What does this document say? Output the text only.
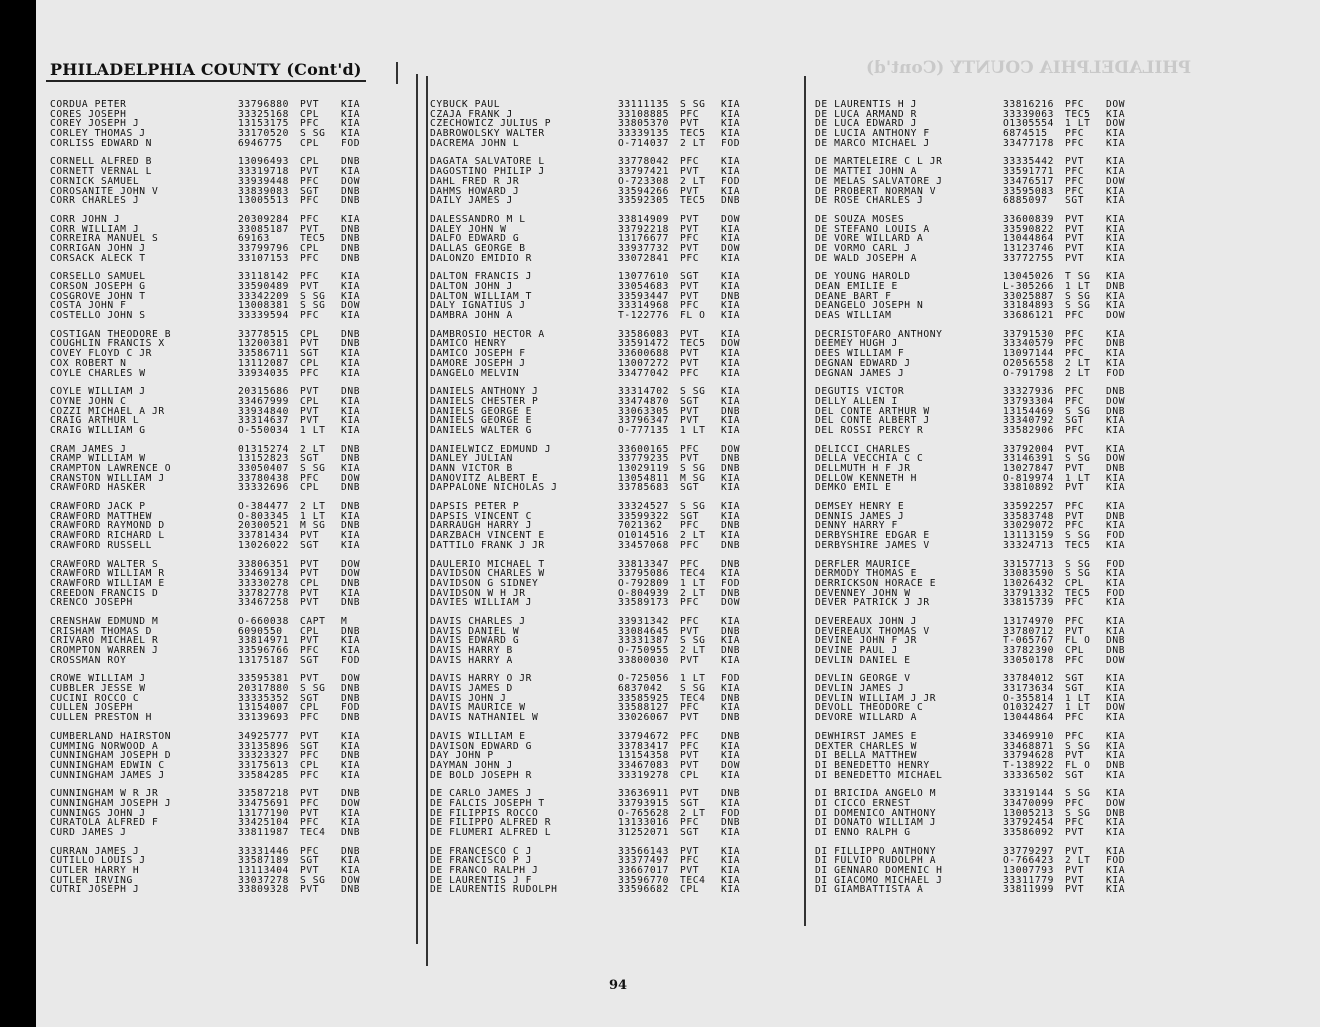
PHILADELPHIA COUNTY (Cont'd)
PHILADELPHIA COUNTY (Cont'd)
CORDUA PETER	33796880 PVT KIA
CORES JOSEPH	33325168 CPL KIA
COREY JOSEPH J	13153175 PFC KIA
CORLEY THOMAS J	33170520 S SG KIA
CORLISS EDWARD N	6946775 CPL FOD
CORNELL ALFRED B	13096493 CPL DNB
CORNETT VERNAL L	33319718 PVT KIA
CORNICK SAMUEL	33939448 PFC DOW
COROSANITE JOHN V	33839083 SGT DNB
CORR CHARLES J	13005513 PFC DNB
CORR JOHN J	20309284 PFC KIA
CORR WILLIAM J	33085187 PVT DNB
CORREIRA MANUEL S	69163	TEC5 DNB
CORRIGAN JOHN J	33799796 CPL DNB
CORSACK ALECK T	33107153 PFC DNB
CORSELLO SAMUEL	33118142 PFC KIA
CORSON JOSEPH G	33590489 PVT KIA
COSGROVE JOHN T	33342209 S SG KIA
COSTA JOHN F	13008381 S SG DOW
COSTELLO JOHN S	33339594 PFC KIA
COSTIGAN THEODORE B	33778515 CPL DNB
COUGHLIN FRANCIS X	13200381 PVT DNB
COVEY FLOYD C JR	33586711 SGT KIA
COX ROBERT N	13112087 CPL KIA
COYLE CHARLES W	33934035 PFC KIA
COYLE WILLIAM J	20315686 PVT DNB
COYNE JOHN C	33467999 CPL KIA
COZZI MICHAEL A JR	33934840 PVT KIA
CRAIG ARTHUR L	33314637 PVT KIA
CRAIG WILLIAM G	O-550034 1 LT KIA
CRAM JAMES J	01315274 2 LT DNB
CRAMP WILLIAM W	13152823 SGT DNB
CRAMPTON LAWRENCE O	33050407 S SG KIA
CRANSTON WILLIAM J	33780438 PFC DOW
CRAWFORD HASKER	33332696 CPL DNB
CRAWFORD JACK P	O-384477 2 LT DNB
CRAWFORD MATTHEW	O-803345 1 LT KIA
CRAWFORD RAYMOND D	20300521 M SG DNB
CRAWFORD RICHARD L	33781434 PVT KIA
CRAWFORD RUSSELL	13026022 SGT KIA
CRAWFORD WALTER S	33806351 PVT DOW
CRAWFORD WILLIAM R	33469134 PVT DOW
CRAWFORD WILLIAM E	33330278 CPL DNB
CREEDON FRANCIS D	33782778 PVT KIA
CRENCO JOSEPH	33467258 PVT DNB
CRENSHAW EDMUND M	O-660038 CAPT M
CRISHAM THOMAS D	6090550 CPL DNB
CRIVARO MICHAEL R	33814971 PVT KIA
CROMPTON WARREN J	33596766 PFC KIA
CROSSMAN ROY	13175187 SGT FOD
CROWE WILLIAM J	33595381 PVT DOW
CUBBLER JESSE W	20317880 S SG DNB
CUCINI ROCCO C	33335352 SGT DNB
CULLEN JOSEPH	13154007 CPL FOD
CULLEN PRESTON H	33139693 PFC DNB
CUMBERLAND HAIRSTON	34925777 PVT KIA
CUMMING NORWOOD A	33135896 SGT KIA
CUNNINGHAM JOSEPH D	33323327 PFC DNB
CUNNINGHAM EDWIN C	33175613 CPL KIA
CUNNINGHAM JAMES J	33584285 PFC KIA
CUNNINGHAM W R JR	33587218 PVT DNB
CUNNINGHAM JOSEPH J	33475691 PFC DOW
CUNNINGS JOHN J	13177190 PVT KIA
CURATOLA ALFRED F	33425104 PFC KIA
CURD JAMES J	33811987 TEC4 DNB
CURRAN JAMES J	33331446 PFC DNB
CUTILLO LOUIS J	33587189 SGT KIA
CUTLER HARRY H	13113404 PVT KIA
CUTLER IRVING	33037278 S SG DOW
CUTRI JOSEPH J	33809328 PVT DNB
CYBUCK PAUL	33111135 S SG KIA
CZAJA FRANK J	33108885 PFC KIA
CZECHOWICZ JULIUS P	33805370 PVT KIA
DABROWOLSKY WALTER	33339135 TEC5 KIA
DACREMA JOHN L	O-714037 2 LT FOD
DAGATA SALVATORE L	33778042 PFC KIA
DAGOSTINO PHILIP J	33797421 PVT KIA
DAHL FRED R JR	O-723308 2 LT FOD
DAHMS HOWARD J	33594266 PVT KIA
DAILY JAMES J	33592305 TEC5 DNB
DALESSANDRO M L	33814909 PVT DOW
DALEY JOHN W	33792218 PVT KIA
DALFO EDWARD G	13176677 PFC KIA
DALLAS GEORGE B	33937732 PVT DOW
DALONZO EMIDIO R	33072841 PFC KIA
DALTON FRANCIS J	13077610 SGT KIA
DALTON JOHN J	33054683 PVT KIA
DALTON WILLIAM T	33593447 PVT DNB
DALY IGNATIUS J	33314968 PFC KIA
DAMBRA JOHN A	T-122776 FL O KIA
DAMBROSIO HECTOR A	33586083 PVT KIA
DAMICO HENRY	33591472 TEC5 DOW
DAMICO JOSEPH F	33600688 PVT KIA
DAMORE JOSEPH J	13007272 PVT KIA
DANGELO MELVIN	33477042 PFC KIA
DANIELS ANTHONY J	33314702 S SG KIA
DANIELS CHESTER P	33474870 SGT KIA
DANIELS GEORGE E	33063305 PVT DNB
DANIELS GEORGE E	33796347 PVT KIA
DANIELS WALTER G	O-777135 1 LT KIA
DANIELWICZ EDMUND J	33600165 PFC DOW
DANLEY JULIAN	33779235 PVT DNB
DANN VICTOR B	13029119 S SG DNB
DANOVITZ ALBERT E	13054811 M SG KIA
DAPPALONE NICHOLAS J	33785683 SGT KIA
DAPSIS PETER P	33324527 S SG KIA
DAPSIS VINCENT C	33599322 SGT KIA
DARRAUGH HARRY J	7021362 PFC DNB
DARZBACH VINCENT E	O1014516 2 LT KIA
DATTILO FRANK J JR	33457068 PFC DNB
DAULERIO MICHAEL T	33813347 PFC DNB
DAVIDSON CHARLES W	33795086 TEC4 KIA
DAVIDSON G SIDNEY	O-792809 1 LT FOD
DAVIDSON W H JR	O-804939 2 LT DNB
DAVIES WILLIAM J	33589173 PFC DOW
DAVIS CHARLES J	33931342 PFC KIA
DAVIS DANIEL W	33084645 PVT DNB
DAVIS EDWARD G	33331387 S SG KIA
DAVIS HARRY B	O-750955 2 LT DNB
DAVIS HARRY A	33800030 PVT KIA
DAVIS HARRY O JR	O-725056 1 LT FOD
DAVIS JAMES D	6837042 S SG KIA
DAVIS JOHN J	33585925 TEC4 DNB
DAVIS MAURICE W	33588127 PFC KIA
DAVIS NATHANIEL W	33026067 PVT DNB
DAVIS WILLIAM E	33794672 PFC DNB
DAVISON EDWARD G	33783417 PFC KIA
DAY JOHN P	13154358 PVT KIA
DAYMAN JOHN J	33467083 PVT DOW
DE BOLD JOSEPH R	33319278 CPL KIA
DE CARLO JAMES J	33636911 PVT DNB
DE FALCIS JOSEPH T	33793915 SGT KIA
DE FILIPPIS ROCCO	O-765628 2 LT FOD
DE FILIPPO ALFRED R	13133016 PFC DNB
DE FLUMERI ALFRED L	31252071 SGT KIA
DE FRANCESCO C J	33566143 PVT KIA
DE FRANCISCO P J	33377497 PFC KIA
DE FRANCO RALPH J	33667017 PVT KIA
DE LAURENTIS J F	33596770 TEC4 KIA
DE LAURENTIS RUDOLPH	33596682 CPL KIA
DE LAURENTIS H J	33816216 PFC DOW
DE LUCA ARMAND R	33339063 TEC5 KIA
DE LUCA EDWARD J	O1305554 1 LT DOW
DE LUCIA ANTHONY F	6874515 PFC KIA
DE MARCO MICHAEL J	33477178 PFC KIA
DE MARTELEIRE C L JR	33335442 PVT KIA
DE MATTEI JOHN A	33591771 PFC KIA
DE MELAS SALVATORE J	33476517 PFC DOW
DE PROBERT NORMAN V	33595083 PFC KIA
DE ROSE CHARLES J	6885097 SGT KIA
DE SOUZA MOSES	33600839 PVT KIA
DE STEFANO LOUIS A	33590822 PVT KIA
DE VORE WILLARD A	13044864 PVT KIA
DE VORMO CARL J	13123746 PVT KIA
DE WALD JOSEPH A	33772755 PVT KIA
DE YOUNG HAROLD	13045026 T SG KIA
DEAN EMILIE E	L-305266 1 LT DNB
DEANE BART F	33025887 S SG KIA
DEANGELO JOSEPH N	33184893 S SG KIA
DEAS WILLIAM	33686121 PFC DOW
DECRISTOFARO ANTHONY	33791530 PFC KIA
DEEMEY HUGH J	33340579 PFC DNB
DEES WILLIAM F	13097144 PFC KIA
DEGNAN EDWARD J	O2056558 2 LT KIA
DEGNAN JAMES J	O-791798 2 LT FOD
DEGUTIS VICTOR	33327936 PFC DNB
DELLY ALLEN I	33793304 PFC DOW
DEL CONTE ARTHUR W	13154469 S SG DNB
DEL CONTE ALBERT J	33340792 SGT KIA
DEL ROSSI PERCY R	33582906 PFC KIA
DELICCI CHARLES	33792004 PVT KIA
DELLA VECCHIA C C	33146391 S SG DOW
DELLMUTH H F JR	13027847 PVT DNB
DELLOW KENNETH H	O-819974 1 LT KIA
DEMKO EMIL E	33810892 PVT KIA
DEMSEY HENRY E	33592257 PFC KIA
DENNIS JAMES J	33583748 PVT DNB
DENNY HARRY F	33029072 PFC KIA
DERBYSHIRE EDGAR E	13113159 S SG FOD
DERBYSHIRE JAMES V	33324713 TEC5 KIA
DERFLER MAURICE	33157713 S SG FOD
DERMODY THOMAS E	33083590 S SG KIA
DERRICKSON HORACE E	13026432 CPL KIA
DEVENNEY JOHN W	33791332 TEC5 FOD
DEVER PATRICK J JR	33815739 PFC KIA
DEVEREAUX JOHN J	13174970 PFC KIA
DEVEREAUX THOMAS V	33780712 PVT KIA
DEVINE JOHN F JR	T-065767 FL O DNB
DEVINE PAUL J	33782390 CPL DNB
DEVLIN DANIEL E	33050178 PFC DOW
DEVLIN GEORGE V	33784012 SGT KIA
DEVLIN JAMES J	33173634 SGT KIA
DEVLIN WILLIAM J JR	O-355814 1 LT KIA
DEVOLL THEODORE C	O1032427 1 LT DOW
DEVORE WILLARD A	13044864 PFC KIA
DEWHIRST JAMES E	33469910 PFC KIA
DEXTER CHARLES W	33468871 S SG KIA
DI BELLA MATTHEW	33794628 PVT KIA
DI BENEDETTO HENRY	T-138922 FL O DNB
DI BENEDETTO MICHAEL	33336502 SGT KIA
DI BRICIDA ANGELO M	33319144 S SG KIA
DI CICCO ERNEST	33470099 PFC DOW
DI DOMENICO ANTHONY	13005213 S SG DNB
DI DONATO WILLIAM J	33792454 PFC KIA
DI ENNO RALPH G	33586092 PVT KIA
DI FILLIPPO ANTHONY	33779297 PVT KIA
DI FULVIO RUDOLPH A	O-766423 2 LT FOD
DI GENNARO DOMENIC H	13007793 PVT KIA
DI GIACOMO MICHAEL J	33311779 PVT KIA
DI GIAMBATTISTA A	33811999 PVT KIA
94
